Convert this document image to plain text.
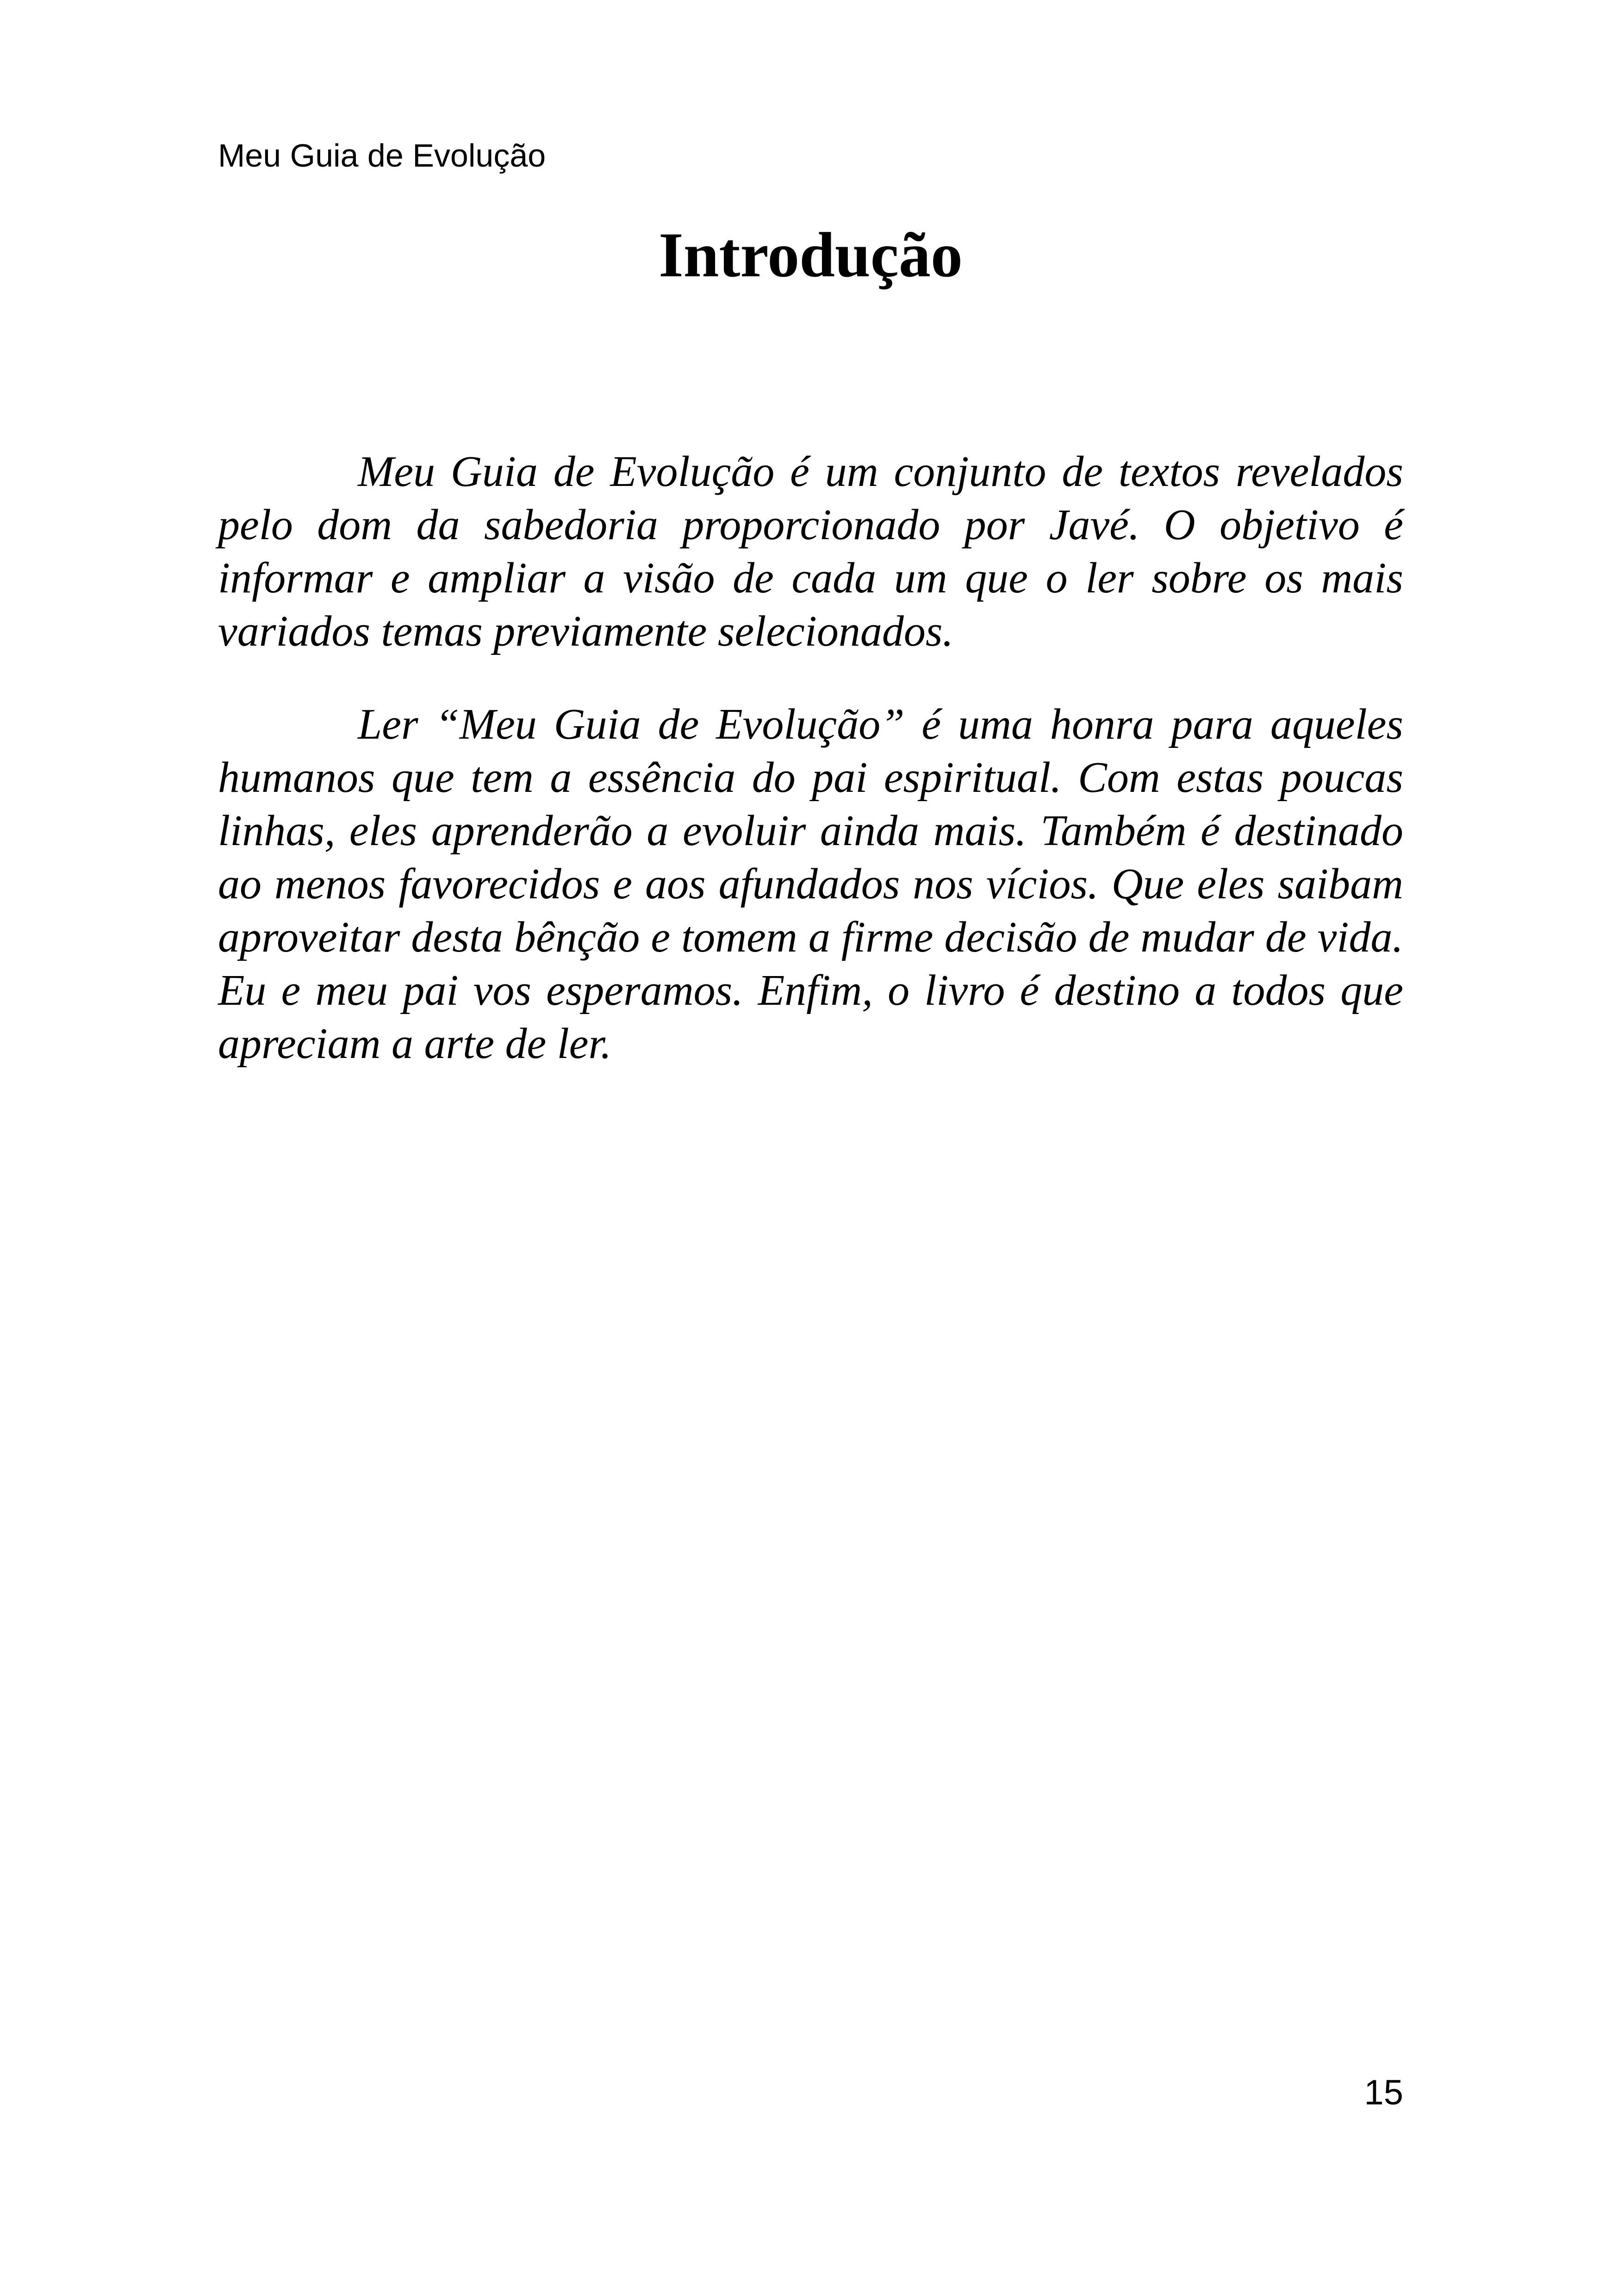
Meu Guia de Evolução
Introdução

Meu Guia de Evolução é um conjunto de textos revelados pelo dom da sabedoria proporcionado por Javé. O objetivo é informar e ampliar a visão de cada um que o ler sobre os mais variados temas previamente selecionados.

Ler “Meu Guia de Evolução” é uma honra para aqueles humanos que tem a essência do pai espiritual. Com estas poucas linhas, eles aprenderão a evoluir ainda mais. Também é destinado ao menos favorecidos e aos afundados nos vícios. Que eles saibam aproveitar desta bênção e tomem a firme decisão de mudar de vida. Eu e meu pai vos esperamos. Enfim, o livro é destino a todos que apreciam a arte de ler.

15
